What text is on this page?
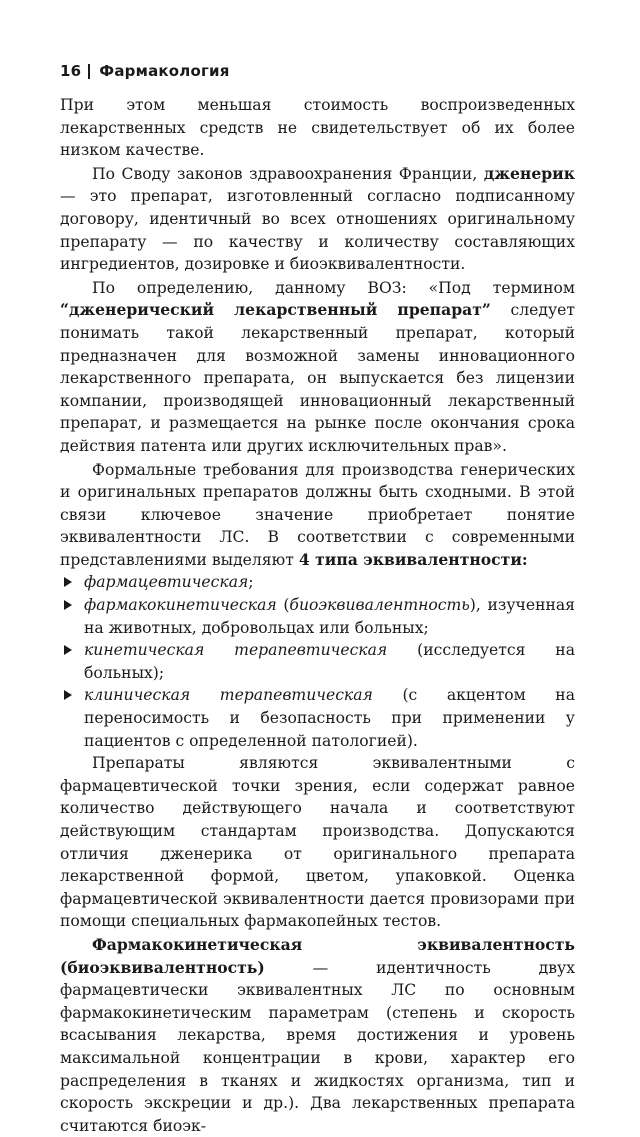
16 Фармакология

При этом меньшая стоимость воспроизведенных лекарственных средств не свидетельствует об их более низком качестве.

По Своду законов здравоохранения Франции, дженерик — это препарат, изготовленный согласно подписанному договору, идентичный во всех отношениях оригинальному препарату — по качеству и количеству составляющих ингредиентов, дозировке и биоэквивалентности.

По определению, данному ВОЗ: «Под термином “дженерический лекарственный препарат” следует понимать такой лекарственный препарат, который предназначен для возможной замены инновационного лекарственного препарата, он выпускается без лицензии компании, производящей инновационный лекарственный препарат, и размещается на рынке после окончания срока действия патента или других исключительных прав».

Формальные требования для производства генерических и оригинальных препаратов должны быть сходными. В этой связи ключевое значение приобретает понятие эквивалентности ЛС. В соответствии с современными представлениями выделяют 4 типа эквивалентности:

фармацевтическая;
фармакокинетическая (биоэквивалентность), изученная на животных, добровольцах или больных;
кинетическая терапевтическая (исследуется на больных);
клиническая терапевтическая (с акцентом на переносимость и безопасность при применении у пациентов с определенной патологией).

Препараты являются эквивалентными с фармацевтической точки зрения, если содержат равное количество действующего начала и соответствуют действующим стандартам производства. Допускаются отличия дженерика от оригинального препарата лекарственной формой, цветом, упаковкой. Оценка фармацевтической эквивалентности дается провизорами при помощи специальных фармакопейных тестов.

Фармакокинетическая эквивалентность (биоэквивалентность) — идентичность двух фармацевтически эквивалентных ЛС по основным фармакокинетическим параметрам (степень и скорость всасывания лекарства, время достижения и уровень максимальной концентрации в крови, характер его распределения в тканях и жидкостях организма, тип и скорость экскреции и др.). Два лекарственных препарата считаются биоэк-
